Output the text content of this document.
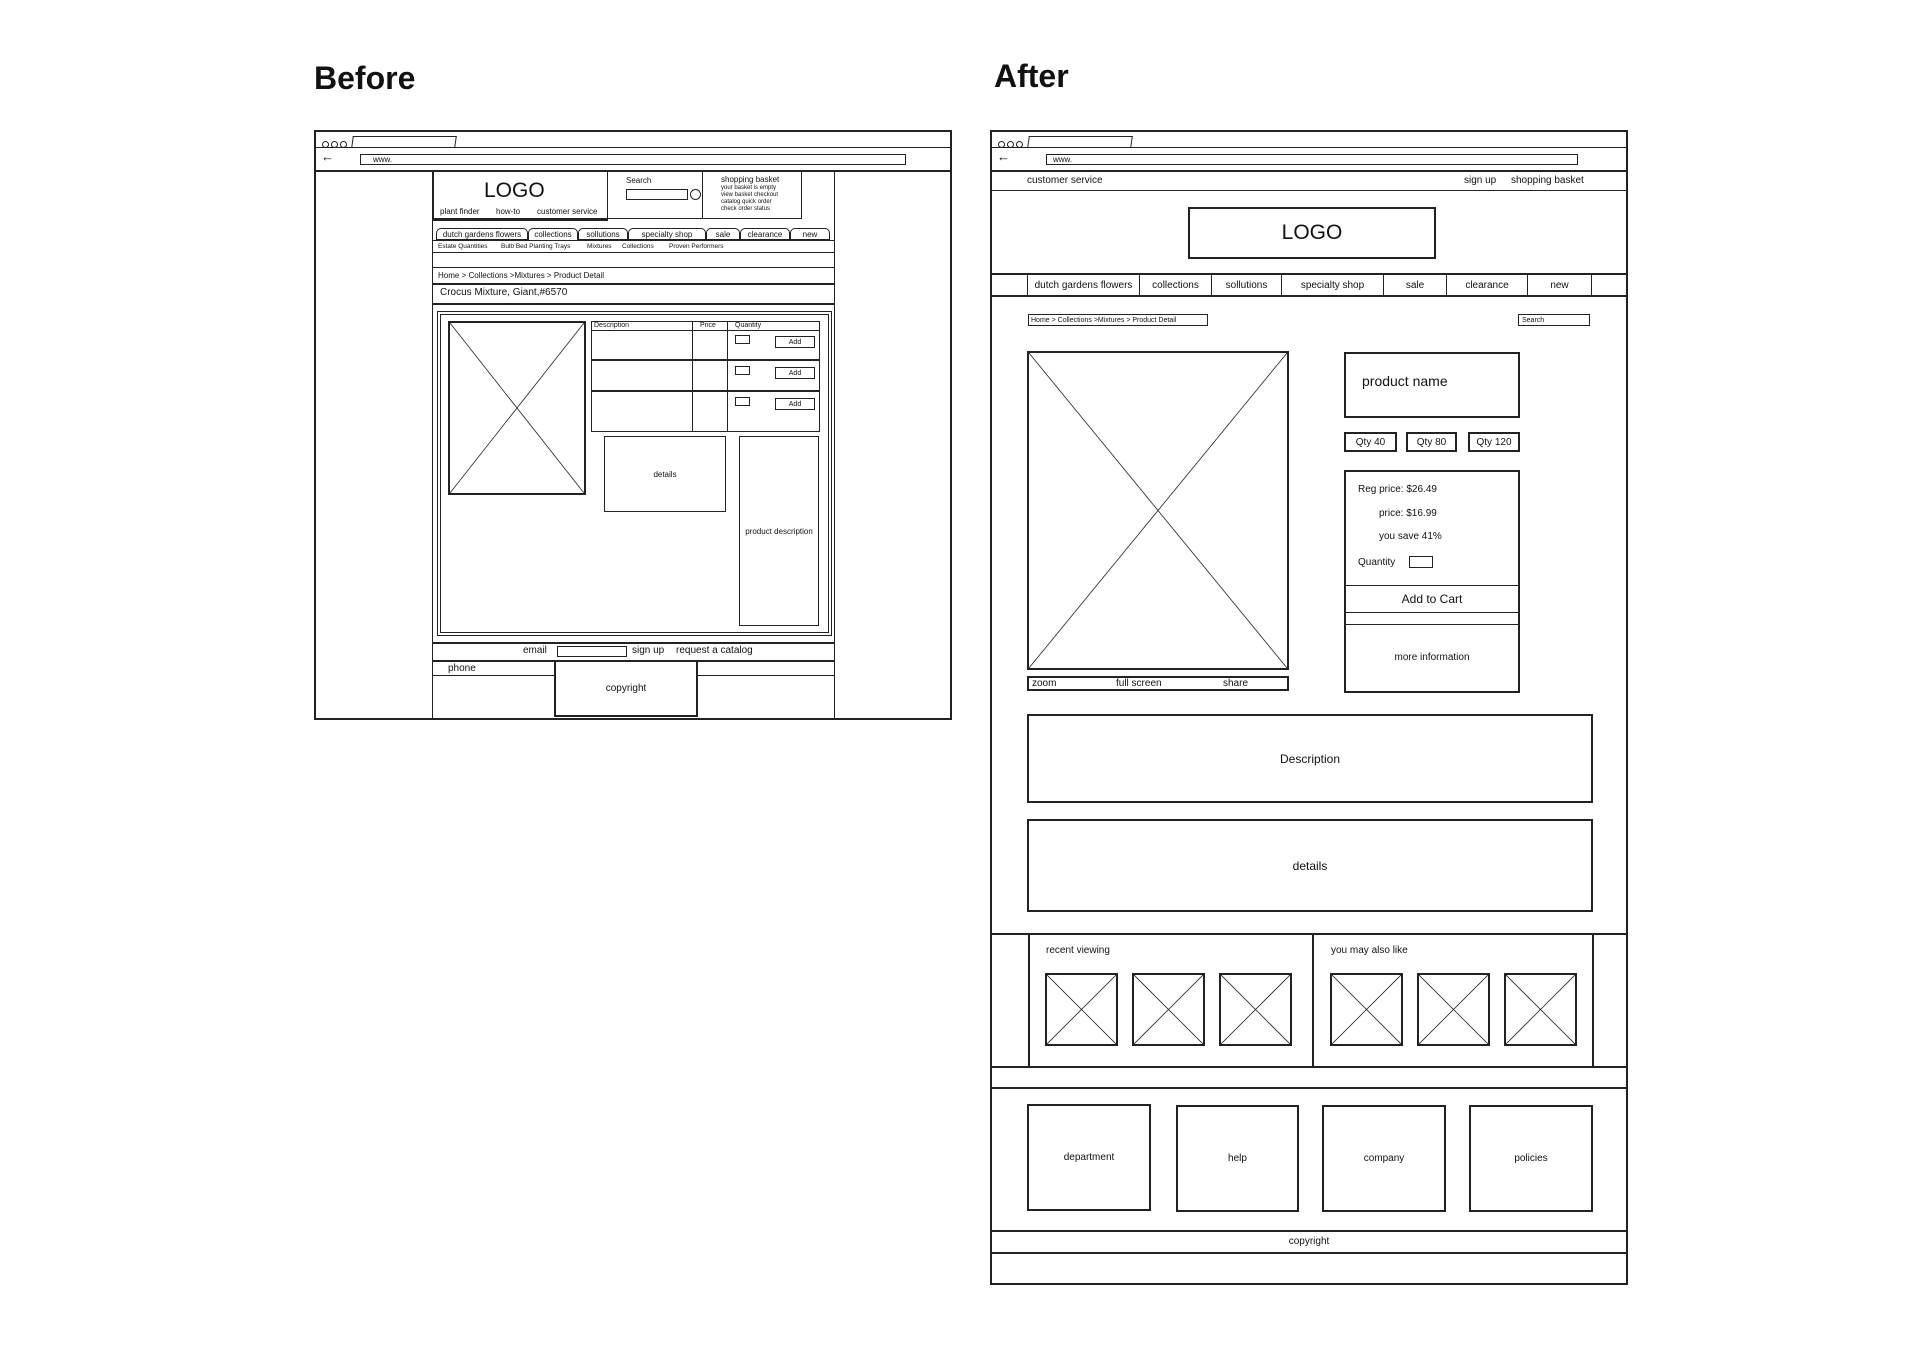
Before
←	www.
LOGO
plant finder how-to customer service
Search	shopping basket
your basket is empty
view basket checkout
catalog quick order
check order status
dutch gardens flowers collections sollutions	specialty shop	sale clearance	new
Estate Quantities Bulb Bed Planting Trays	Mixtures Collections Proven Performers
Home > Collections >Mixtures > Product Detail
Crocus Mixture, Giant,#6570
Description	Price	Quantity
Add
Add
Add
details
product description
email	sign up request a catalog
phone
copyright
After
←	www.
customer service	sign up shopping basket
LOGO
dutch gardens flowers collections	sollutions	specialty shop	sale	clearance	new
Home > Collections >Mixtures > Product Detail	Search
zoom	full screen	share
product name
Qty 40	Qty 80	Qty 120
Reg price: $26.49
price: $16.99
you save 41%
Quantity
Add to Cart
more information
Description
details
recent viewing	you may also like
department	help	company	policies
copyright
